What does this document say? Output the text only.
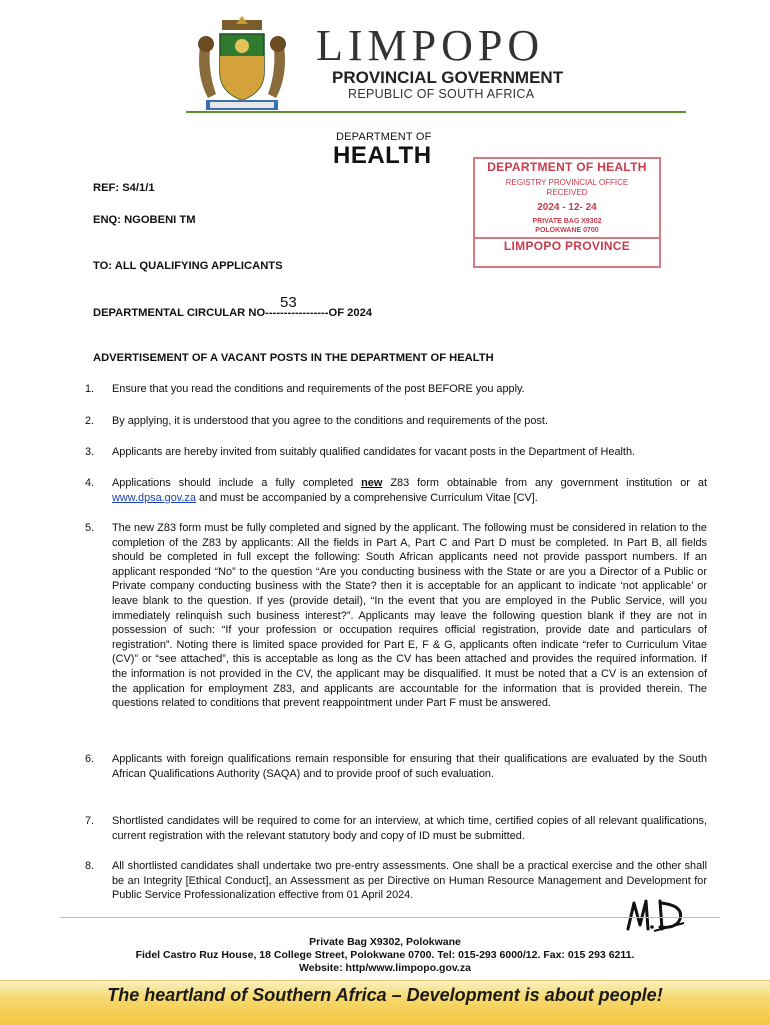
LIMPOPO
PROVINCIAL GOVERNMENT
REPUBLIC OF SOUTH AFRICA
DEPARTMENT OF
HEALTH	DEPARTMENT OF HEALTH
REGISTRY PROVINCIAL OFFICE
RECEIVED
2024 - 12- 24
PRIVATE BAG X9302
POLOKWANE 0700
LIMPOPO PROVINCE
REF: S4/1/1
ENQ: NGOBENI TM
TO: ALL QUALIFYING APPLICANTS
53
DEPARTMENTAL CIRCULAR NO-----------------OF 2024
ADVERTISEMENT OF A VACANT POSTS IN THE DEPARTMENT OF HEALTH
1.	Ensure that you read the conditions and requirements of the post BEFORE you apply.
2.	By applying, it is understood that you agree to the conditions and requirements of the post.
3.	Applicants are hereby invited from suitably qualified candidates for vacant posts in the Department of Health.
4.	Applications should include a fully completed new Z83 form obtainable from any government institution or at www.dpsa.gov.za and must be accompanied by a comprehensive Curriculum Vitae [CV].
5.	The new Z83 form must be fully completed and signed by the applicant. The following must be considered in relation to the completion of the Z83 by applicants: All the fields in Part A, Part C and Part D must be completed. In Part B, all fields should be completed in full except the following: South African applicants need not provide passport numbers. If an applicant responded “No” to the question “Are you conducting business with the State or are you a Director of a Public or Private company conducting business with the State? then it is acceptable for an applicant to indicate ‘not applicable’ or leave blank to the question. If yes (provide detail), “In the event that you are employed in the Public Service, will you immediately relinquish such business interest?”. Applicants may leave the following question blank if they are not in possession of such: “If your profession or occupation requires official registration, provide date and particulars of registration”. Noting there is limited space provided for Part E, F & G, applicants often indicate “refer to Curriculum Vitae (CV)” or “see attached”, this is acceptable as long as the CV has been attached and provides the required information. If the information is not provided in the CV, the applicant may be disqualified. It must be noted that a CV is an extension of the application for employment Z83, and applicants are accountable for the information that is provided therein. The questions related to conditions that prevent reappointment under Part F must be answered.
6.	Applicants with foreign qualifications remain responsible for ensuring that their qualifications are evaluated by the South African Qualifications Authority (SAQA) and to provide proof of such evaluation.
7.	Shortlisted candidates will be required to come for an interview, at which time, certified copies of all relevant qualifications, current registration with the relevant statutory body and copy of ID must be submitted.
8.	All shortlisted candidates shall undertake two pre-entry assessments. One shall be a practical exercise and the other shall be an Integrity [Ethical Conduct], an Assessment as per Directive on Human Resource Management and Development for Public Service Professionalization effective from 01 April 2024.
Private Bag X9302, Polokwane
Fidel Castro Ruz House, 18 College Street, Polokwane 0700. Tel: 015-293 6000/12. Fax: 015 293 6211.
Website: http/www.limpopo.gov.za
The heartland of Southern Africa – Development is about people!
